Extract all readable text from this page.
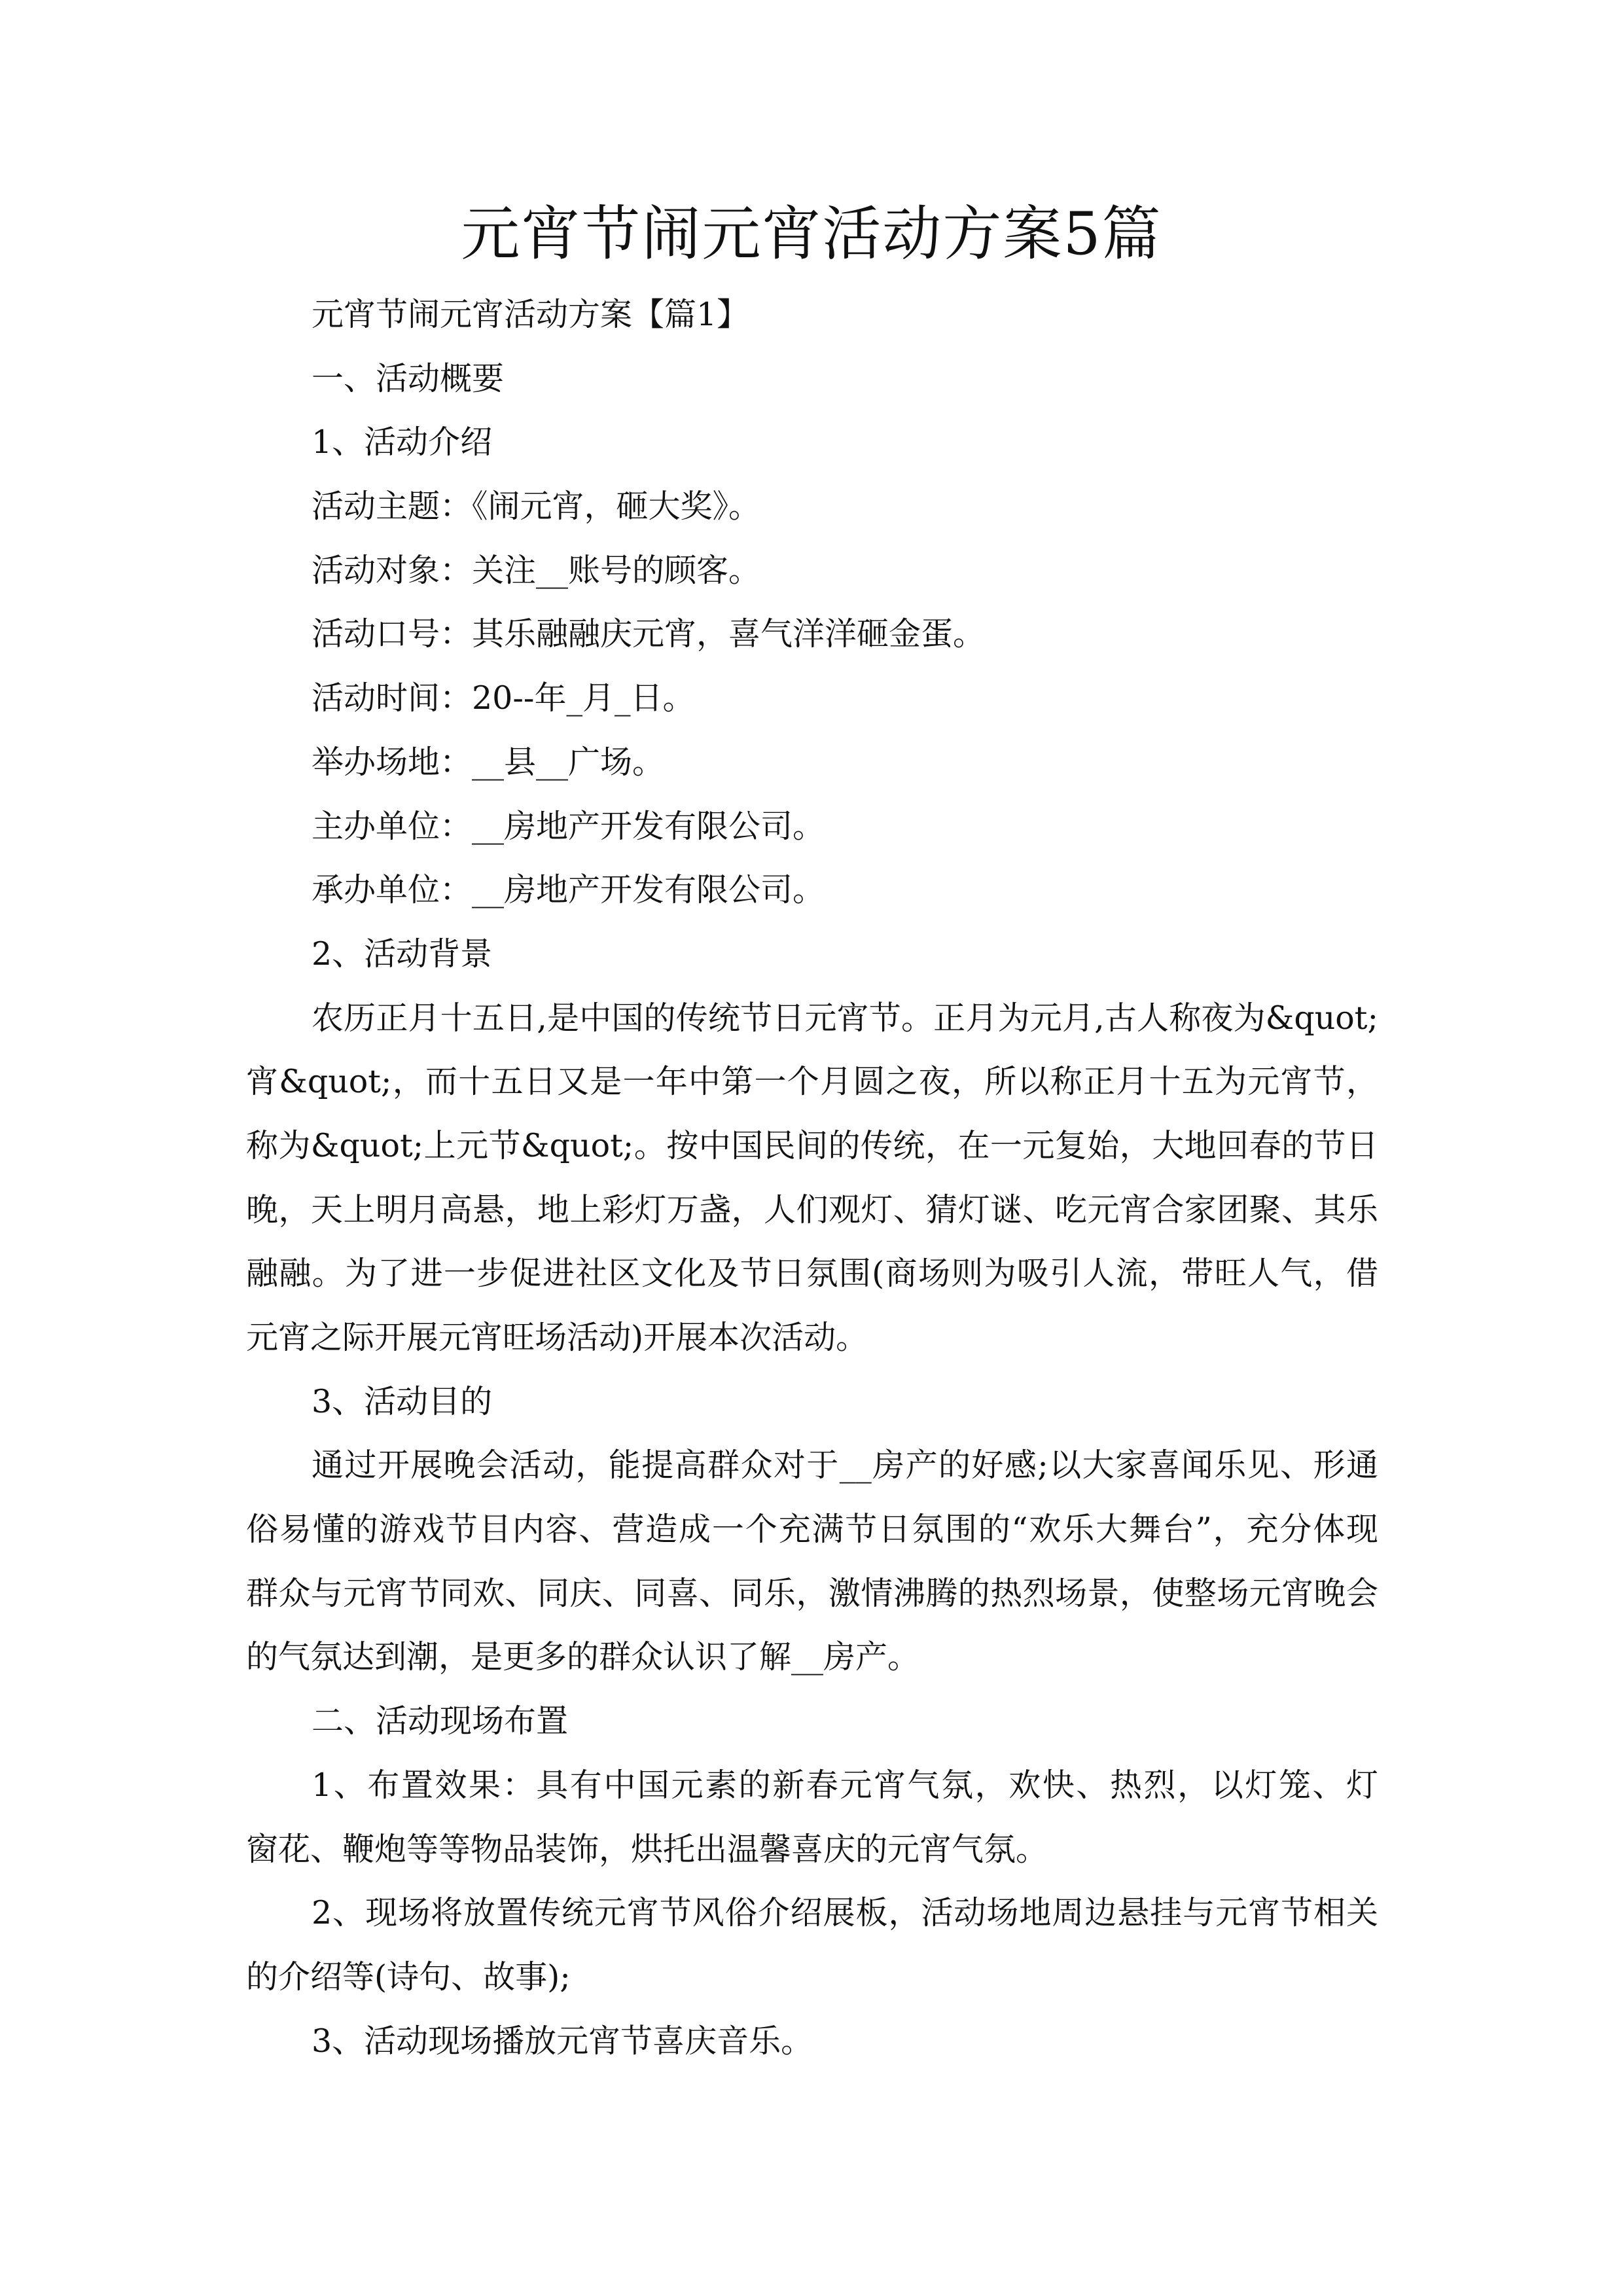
元宵节闹元宵活动方案5篇
元宵节闹元宵活动方案【篇1】
一、活动概要
1、活动介绍
活动主题：《闹元宵，砸大奖》。
活动对象：关注__账号的顾客。
活动口号：其乐融融庆元宵，喜气洋洋砸金蛋。
活动时间：20--年_月_日。
举办场地：__县__广场。
主办单位：__房地产开发有限公司。
承办单位：__房地产开发有限公司。
2、活动背景
农历正月十五日,是中国的传统节日元宵节。正月为元月,古人称夜为&quot;
宵&quot;，而十五日又是一年中第一个月圆之夜，所以称正月十五为元宵节，
称为&quot;上元节&quot;。按中国民间的传统，在一元复始，大地回春的节日
晚，天上明月高悬，地上彩灯万盏，人们观灯、猜灯谜、吃元宵合家团聚、其乐
融融。为了进一步促进社区文化及节日氛围(商场则为吸引人流，带旺人气，借
元宵之际开展元宵旺场活动)开展本次活动。
3、活动目的
通过开展晚会活动，能提高群众对于__房产的好感;以大家喜闻乐见、形通
俗易懂的游戏节目内容、营造成一个充满节日氛围的“欢乐大舞台”，充分体现
群众与元宵节同欢、同庆、同喜、同乐，激情沸腾的热烈场景，使整场元宵晚会
的气氛达到潮，是更多的群众认识了解__房产。
二、活动现场布置
1、布置效果：具有中国元素的新春元宵气氛，欢快、热烈，以灯笼、灯
窗花、鞭炮等等物品装饰，烘托出温馨喜庆的元宵气氛。
2、现场将放置传统元宵节风俗介绍展板，活动场地周边悬挂与元宵节相关
的介绍等(诗句、故事);
3、活动现场播放元宵节喜庆音乐。
